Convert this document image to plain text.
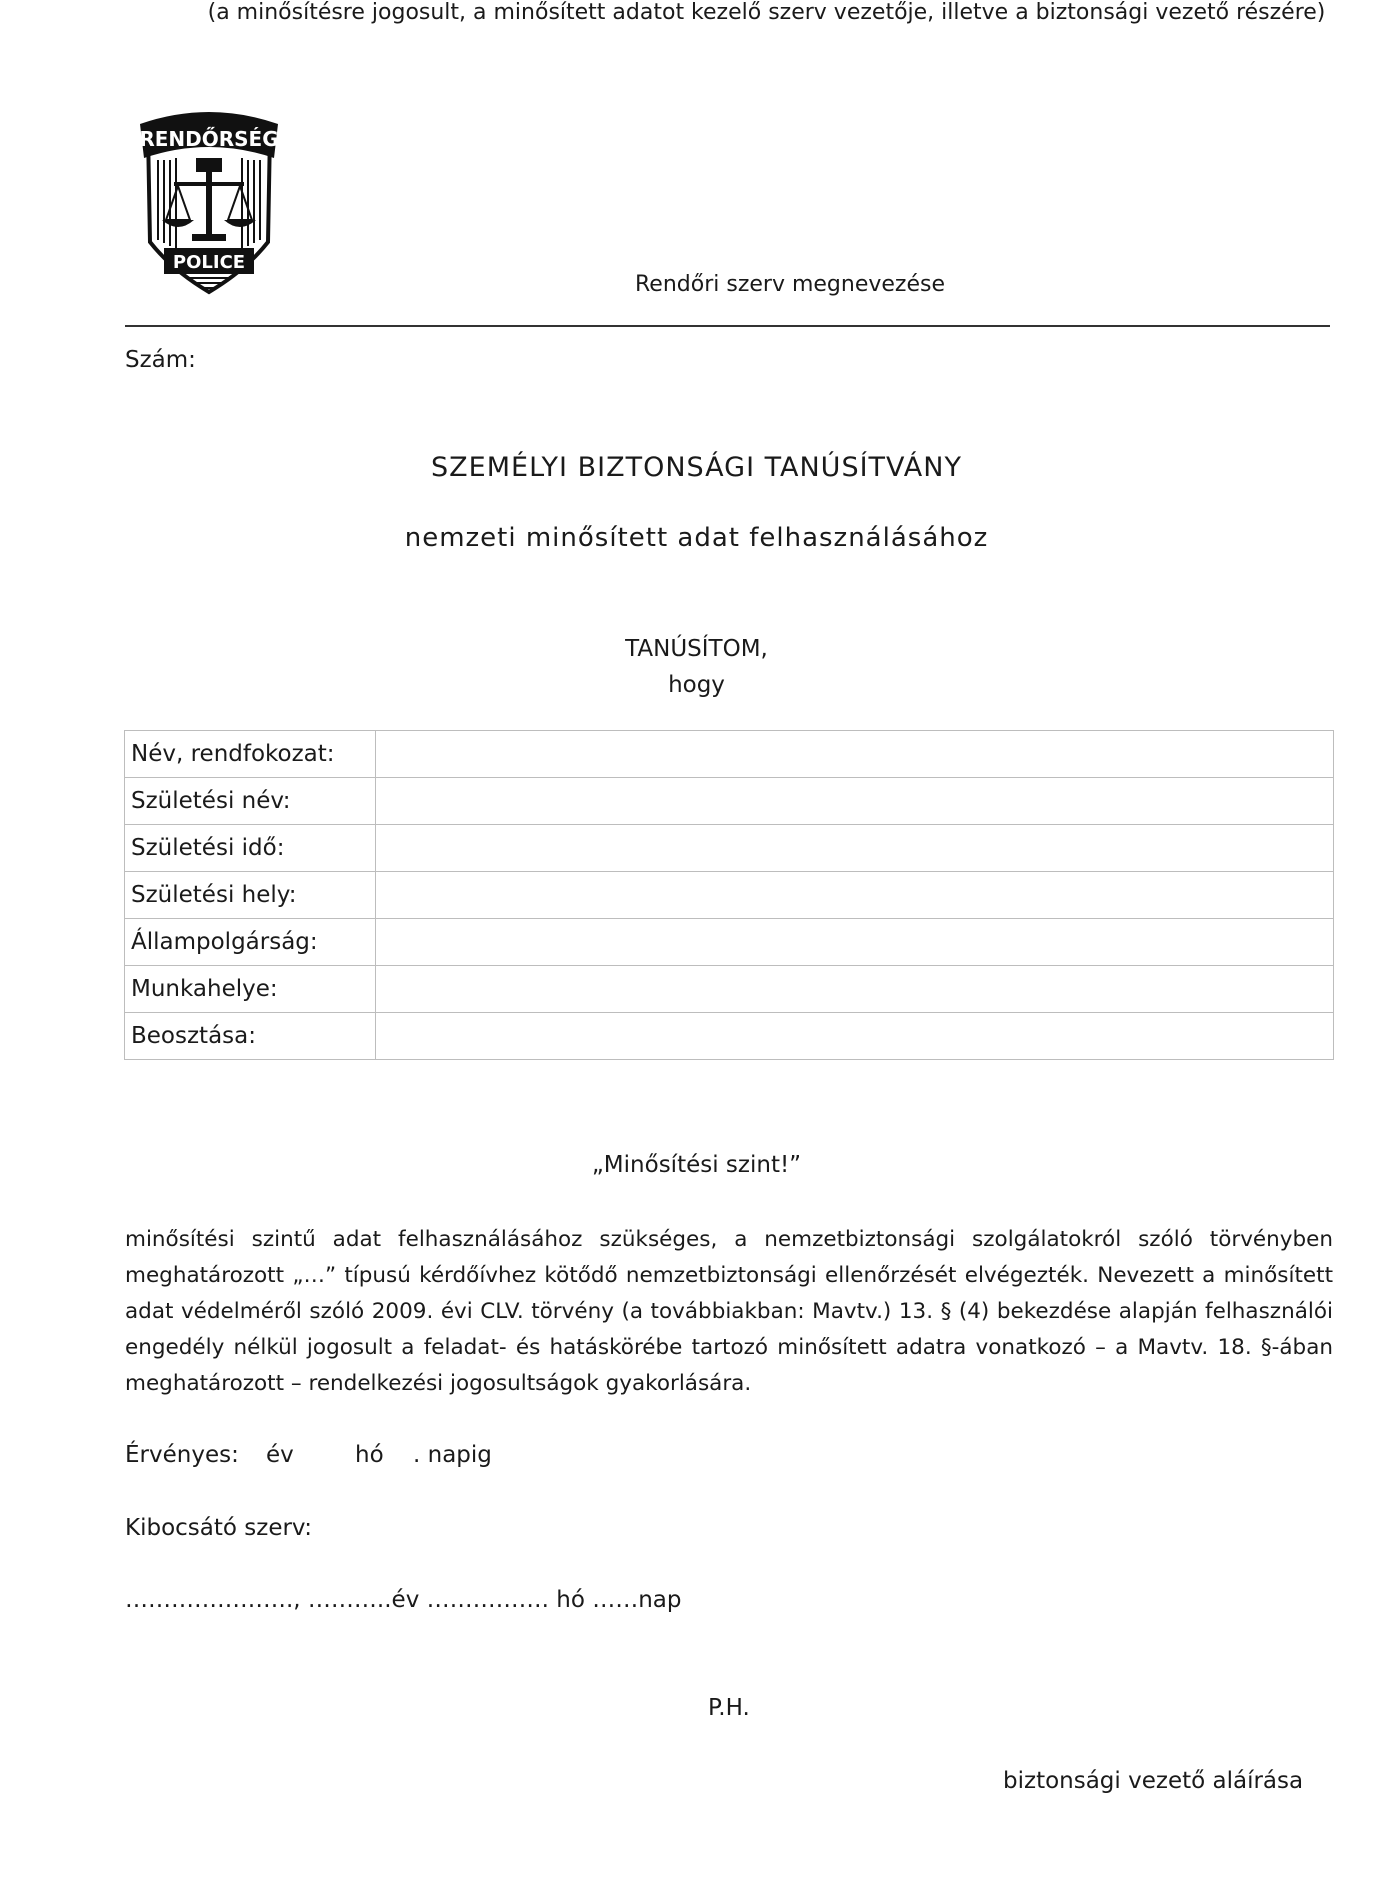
(a minősítésre jogosult, a minősített adatot kezelő szerv vezetője, illetve a biztonsági vezető részére)
RENDŐRSÉG
POLICE
Rendőri szerv megnevezése
Szám:
SZEMÉLYI BIZTONSÁGI TANÚSÍTVÁNY
nemzeti minősített adat felhasználásához
TANÚSÍTOM,
hogy
Név, rendfokozat:	
Születési név:	
Születési idő:	
Születési hely:	
Állampolgárság:	
Munkahelye:	
Beosztása:	
„Minősítési szint!”
minősítési szintű adat felhasználásához szükséges, a nemzetbiztonsági szolgálatokról szóló törvényben meghatározott „…” típusú kérdőívhez kötődő nemzetbiztonsági ellenőrzését elvégezték. Nevezett a minősített adat védelméről szóló 2009. évi CLV. törvény (a továbbiakban: Mavtv.) 13. § (4) bekezdése alapján felhasználói engedély nélkül jogosult a feladat- és hatáskörébe tartozó minősített adatra vonatkozó – a Mavtv. 18. §-ában meghatározott – rendelkezési jogosultságok gyakorlására.
Érvényes: év	hó . napig
Kibocsátó szerv:
…………………., ………..év ……………. hó ……nap
P.H.
biztonsági vezető aláírása
